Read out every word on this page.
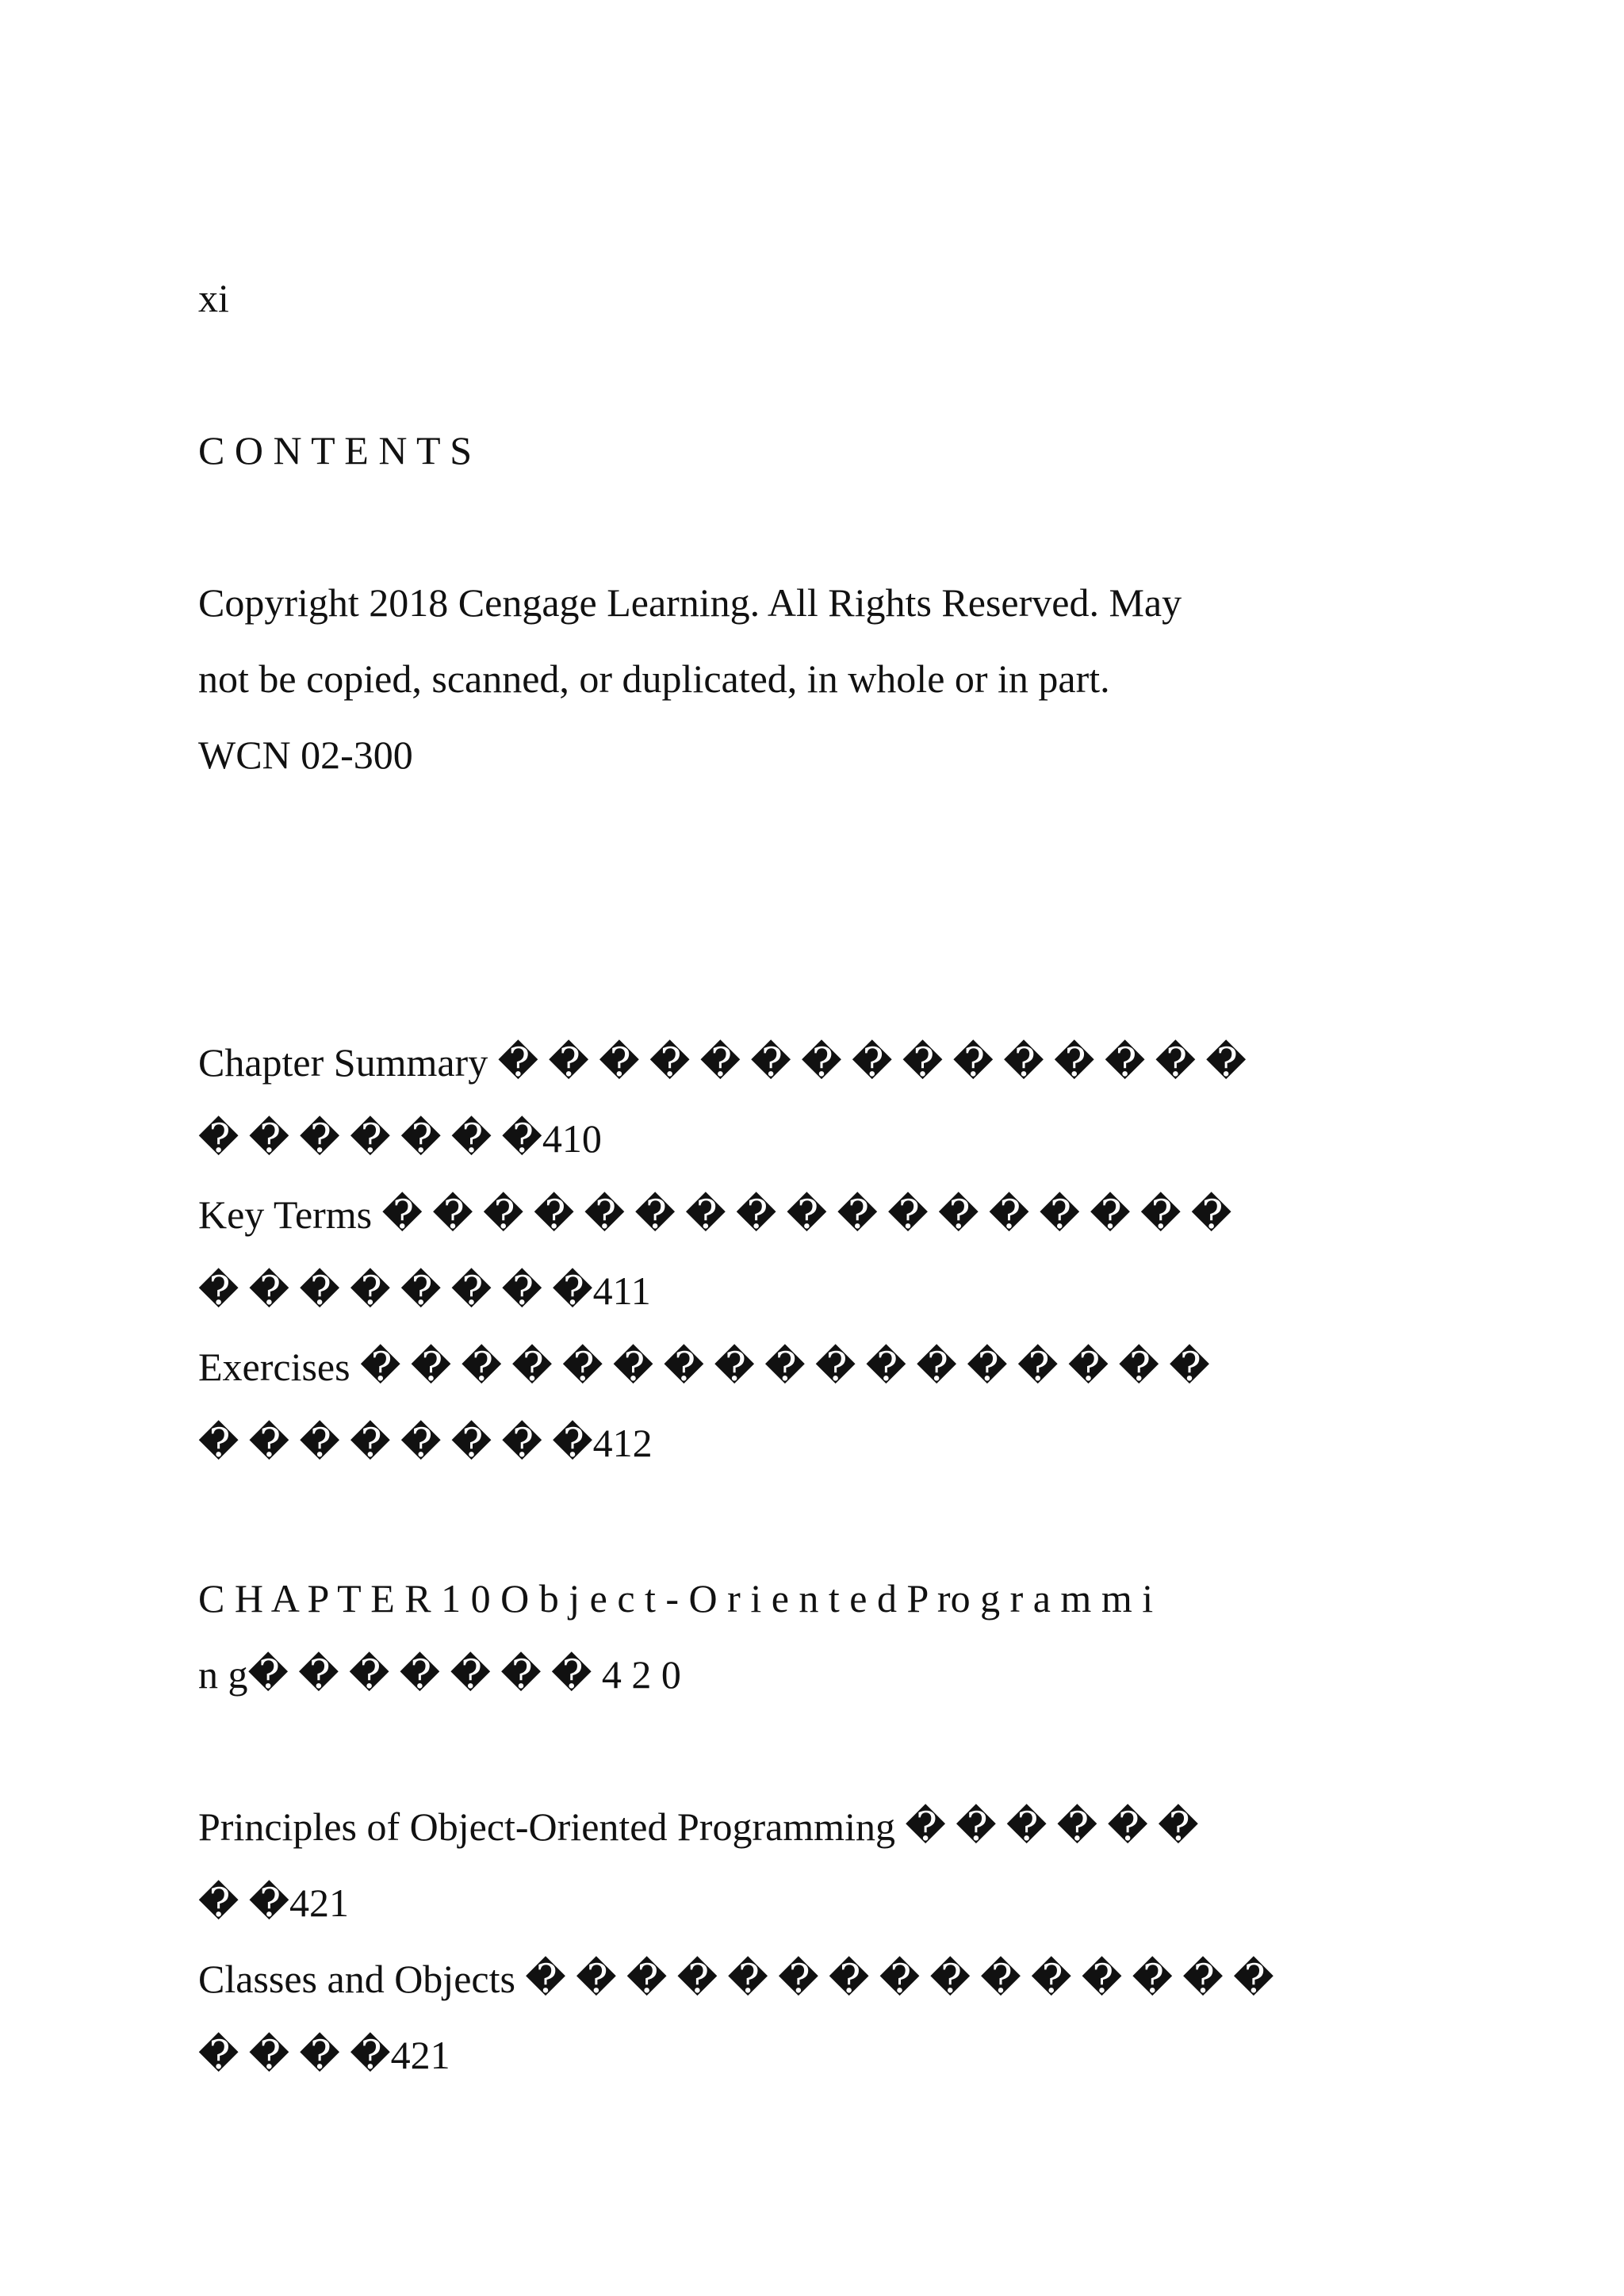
xi
C O N T E N T S
Copyright 2018 Cengage Learning. All Rights Reserved. May
not be copied, scanned, or duplicated, in whole or in part.
WCN 02-300
Chapter Summary � � � � � � � � � � � � � � �
� � � � � � �410
Key Terms � � � � � � � � � � � � � � � � �
� � � � � � � �411
Exercises � � � � � � � � � � � � � � � � �
� � � � � � � �412
C H A P T E R 1 0 O b j e c t - O r i e n t e d P ro g r a m m i
n g� � � � � � � 4 2 0
Principles of Object-Oriented Programming � � � � � �
� �421
Classes and Objects � � � � � � � � � � � � � � �
� � � �421
